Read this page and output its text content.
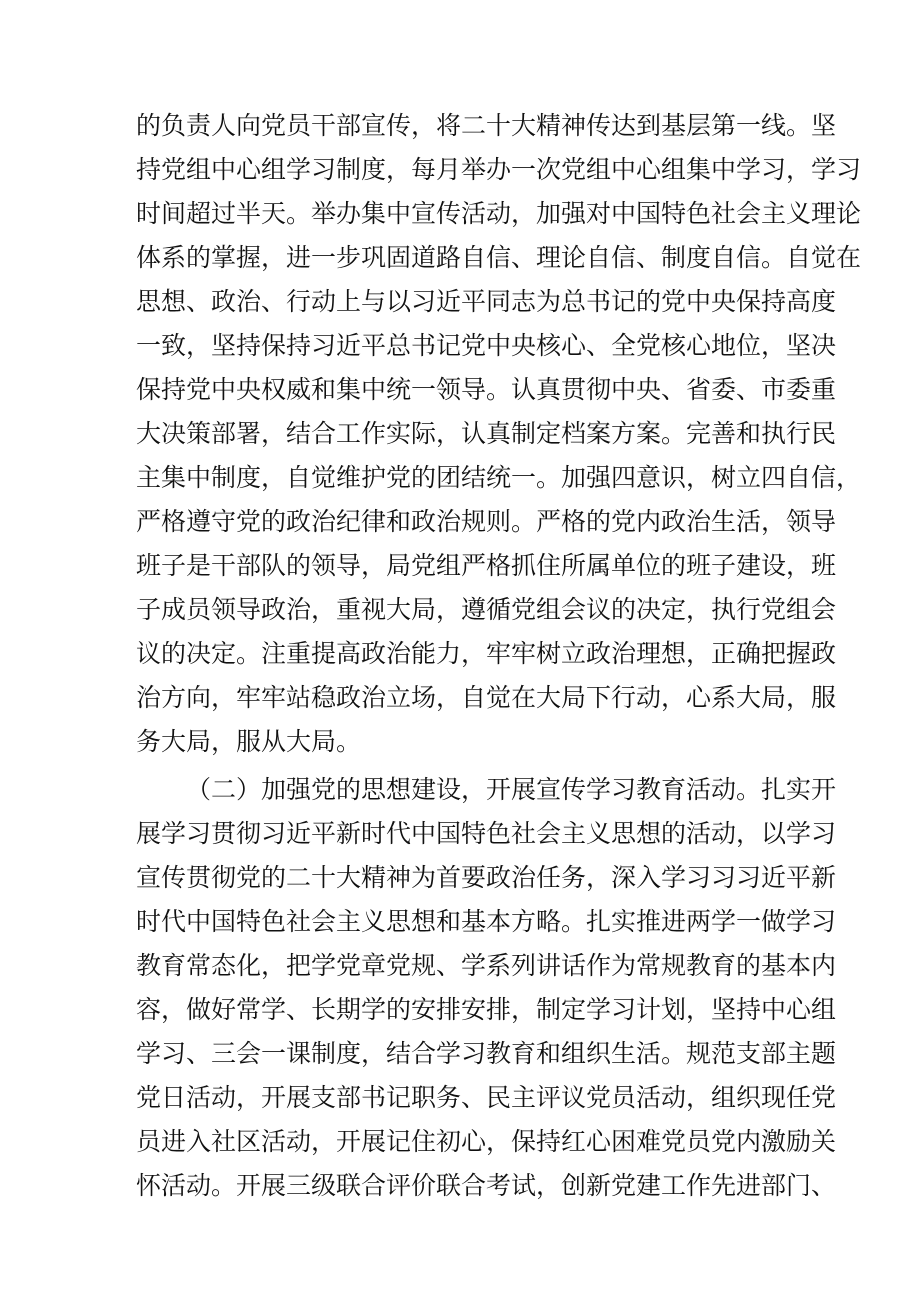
的负责人向党员干部宣传，将二十大精神传达到基层第一线。坚
持党组中心组学习制度，每月举办一次党组中心组集中学习，学习
时间超过半天。举办集中宣传活动，加强对中国特色社会主义理论
体系的掌握，进一步巩固道路自信、理论自信、制度自信。自觉在
思想、政治、行动上与以习近平同志为总书记的党中央保持高度
一致，坚持保持习近平总书记党中央核心、全党核心地位，坚决
保持党中央权威和集中统一领导。认真贯彻中央、省委、市委重
大决策部署，结合工作实际，认真制定档案方案。完善和执行民
主集中制度，自觉维护党的团结统一。加强四意识，树立四自信，
严格遵守党的政治纪律和政治规则。严格的党内政治生活，领导
班子是干部队的领导，局党组严格抓住所属单位的班子建设，班
子成员领导政治，重视大局，遵循党组会议的决定，执行党组会
议的决定。注重提高政治能力，牢牢树立政治理想，正确把握政
治方向，牢牢站稳政治立场，自觉在大局下行动，心系大局，服
务大局，服从大局。
（二）加强党的思想建设，开展宣传学习教育活动。扎实开
展学习贯彻习近平新时代中国特色社会主义思想的活动，以学习
宣传贯彻党的二十大精神为首要政治任务，深入学习习习近平新
时代中国特色社会主义思想和基本方略。扎实推进两学一做学习
教育常态化，把学党章党规、学系列讲话作为常规教育的基本内
容，做好常学、长期学的安排安排，制定学习计划，坚持中心组
学习、三会一课制度，结合学习教育和组织生活。规范支部主题
党日活动，开展支部书记职务、民主评议党员活动，组织现任党
员进入社区活动，开展记住初心，保持红心困难党员党内激励关
怀活动。开展三级联合评价联合考试，创新党建工作先进部门、
